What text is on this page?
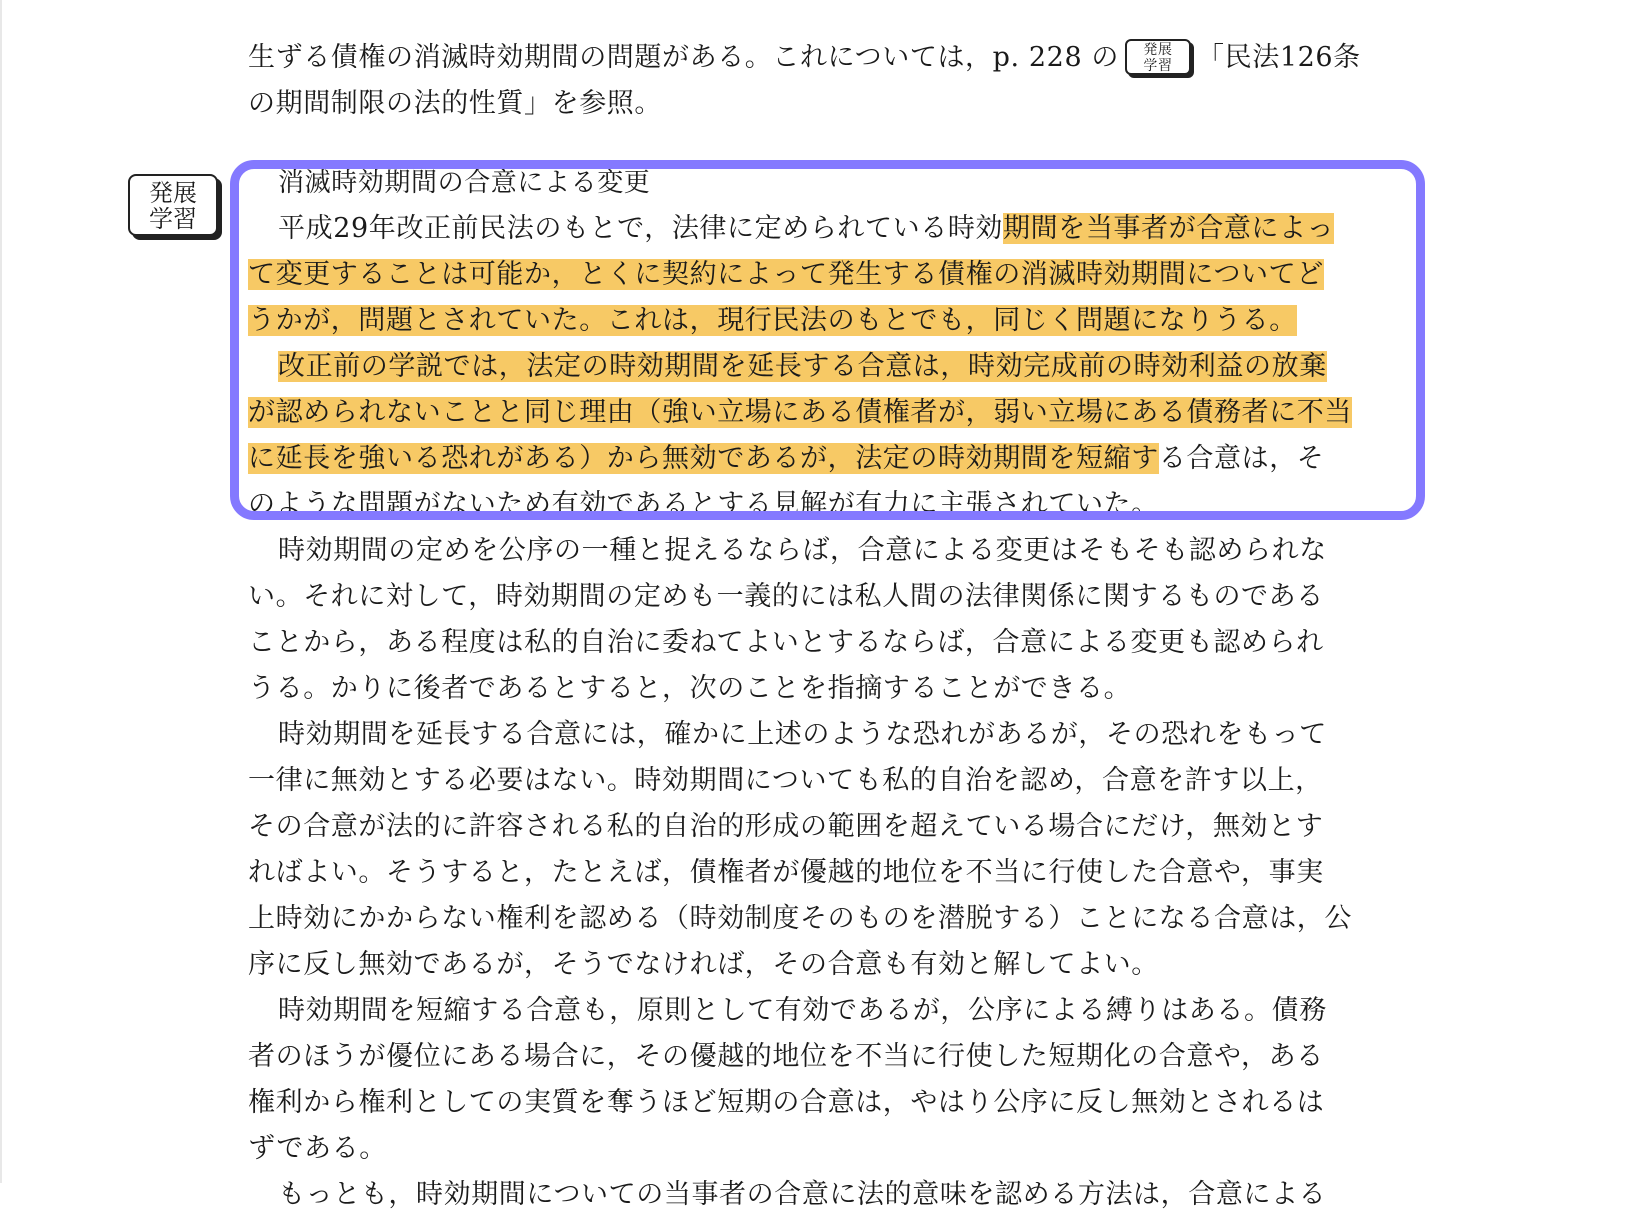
生ずる債権の消滅時効期間の問題がある。これについては，p. 228 の	発展
学習 「民法126条
の期間制限の法的性質」を参照。
発展
学習
消滅時効期間の合意による変更
平成29年改正前民法のもとで，法律に定められている時効期間を当事者が合意によっ
て変更することは可能か，とくに契約によって発生する債権の消滅時効期間についてど
うかが，問題とされていた。これは，現行民法のもとでも，同じく問題になりうる。
改正前の学説では，法定の時効期間を延長する合意は，時効完成前の時効利益の放棄
が認められないことと同じ理由（強い立場にある債権者が，弱い立場にある債務者に不当
に延長を強いる恐れがある）から無効であるが，法定の時効期間を短縮する合意は，そ
のような問題がないため有効であるとする見解が有力に主張されていた。
時効期間の定めを公序の一種と捉えるならば，合意による変更はそもそも認められな
い。それに対して，時効期間の定めも一義的には私人間の法律関係に関するものである
ことから，ある程度は私的自治に委ねてよいとするならば，合意による変更も認められ
うる。かりに後者であるとすると，次のことを指摘することができる。
時効期間を延長する合意には，確かに上述のような恐れがあるが，その恐れをもって
一律に無効とする必要はない。時効期間についても私的自治を認め，合意を許す以上，
その合意が法的に許容される私的自治的形成の範囲を超えている場合にだけ，無効とす
ればよい。そうすると，たとえば，債権者が優越的地位を不当に行使した合意や，事実
上時効にかからない権利を認める（時効制度そのものを潜脱する）ことになる合意は，公
序に反し無効であるが，そうでなければ，その合意も有効と解してよい。
時効期間を短縮する合意も，原則として有効であるが，公序による縛りはある。債務
者のほうが優位にある場合に，その優越的地位を不当に行使した短期化の合意や，ある
権利から権利としての実質を奪うほど短期の合意は，やはり公序に反し無効とされるは
ずである。
もっとも，時効期間についての当事者の合意に法的意味を認める方法は，合意による
